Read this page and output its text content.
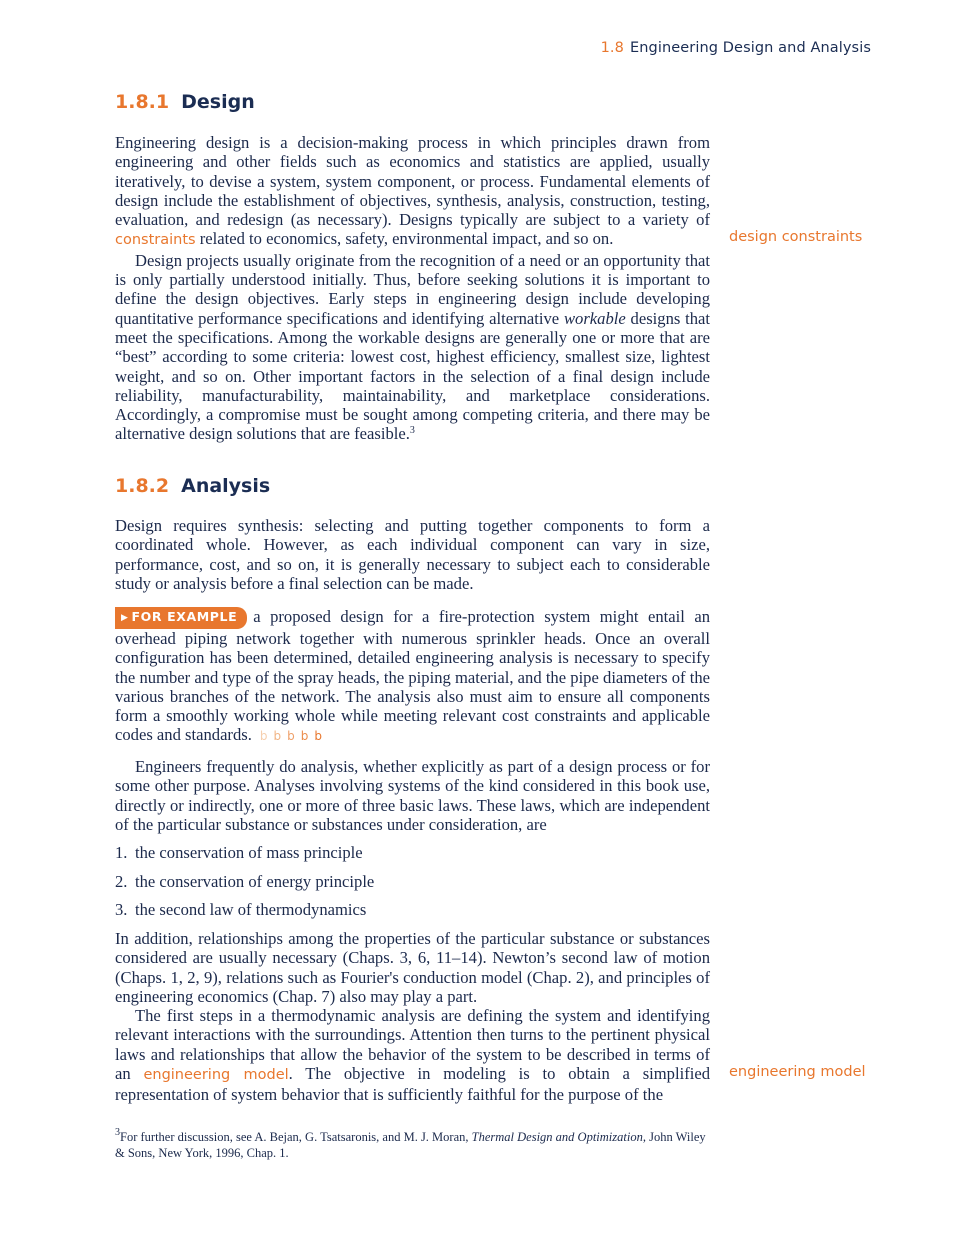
1.8 Engineering Design and Analysis
1.8.1 Design

Engineering design is a decision-making process in which principles drawn from engineering and other fields such as economics and statistics are applied, usually iteratively, to devise a system, system component, or process. Fundamental elements of design include the establishment of objectives, synthesis, analysis, construction, testing, evaluation, and redesign (as necessary). Designs typically are subject to a variety of constraints related to economics, safety, environmental impact, and so on.

Design projects usually originate from the recognition of a need or an opportunity that is only partially understood initially. Thus, before seeking solutions it is important to define the design objectives. Early steps in engineering design include developing quantitative performance specifications and identifying alternative workable designs that meet the specifications. Among the workable designs are generally one or more that are “best” according to some criteria: lowest cost, highest efficiency, smallest size, lightest weight, and so on. Other important factors in the selection of a final design include reliability, manufacturability, maintainability, and marketplace considerations. Accordingly, a compromise must be sought among competing criteria, and there may be alternative design solutions that are feasible.$^3$

design constraints
1.8.2 Analysis

Design requires synthesis: selecting and putting together components to form a coordinated whole. However, as each individual component can vary in size, performance, cost, and so on, it is generally necessary to subject each to considerable study or analysis before a final selection can be made.

▶ FOR EXAMPLE a proposed design for a fire-protection system might entail an overhead piping network together with numerous sprinkler heads. Once an overall configuration has been determined, detailed engineering analysis is necessary to specify the number and type of the spray heads, the piping material, and the pipe diameters of the various branches of the network. The analysis also must aim to ensure all components form a smoothly working whole while meeting relevant cost constraints and applicable codes and standards. bbbbb

Engineers frequently do analysis, whether explicitly as part of a design process or for some other purpose. Analyses involving systems of the kind considered in this book use, directly or indirectly, one or more of three basic laws. These laws, which are independent of the particular substance or substances under consideration, are

1. the conservation of mass principle

2. the conservation of energy principle

3. the second law of thermodynamics

In addition, relationships among the properties of the particular substance or substances considered are usually necessary (Chaps. 3, 6, 11–14). Newton’s second law of motion (Chaps. 1, 2, 9), relations such as Fourier's conduction model (Chap. 2), and principles of engineering economics (Chap. 7) also may play a part.

The first steps in a thermodynamic analysis are defining the system and identifying relevant interactions with the surroundings. Attention then turns to the pertinent physical laws and relationships that allow the behavior of the system to be described in terms of an engineering model. The objective in modeling is to obtain a simplified representation of system behavior that is sufficiently faithful for the purpose of the

engineering model
$^3$For further discussion, see A. Bejan, G. Tsatsaronis, and M. J. Moran, Thermal Design and Optimization, John Wiley & Sons, New York, 1996, Chap. 1.
